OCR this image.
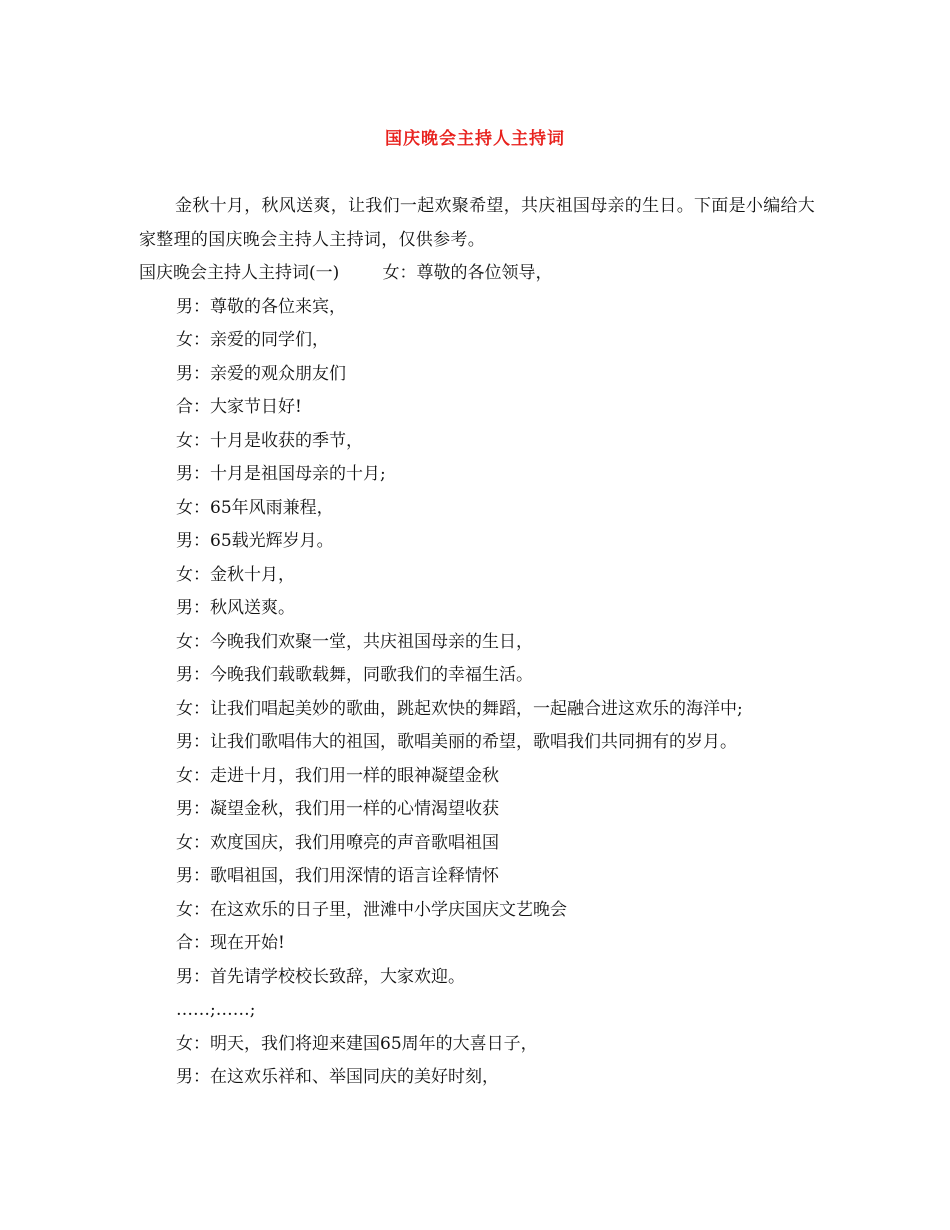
国庆晚会主持人主持词

金秋十月，秋风送爽，让我们一起欢聚希望，共庆祖国母亲的生日。下面是小编给大家整理的国庆晚会主持人主持词，仅供参考。

国庆晚会主持人主持词(一)	女：尊敬的各位领导，

男：尊敬的各位来宾，

女：亲爱的同学们，

男：亲爱的观众朋友们

合：大家节日好!

女：十月是收获的季节，

男：十月是祖国母亲的十月;

女：65年风雨兼程，

男：65载光辉岁月。

女：金秋十月，

男：秋风送爽。

女：今晚我们欢聚一堂，共庆祖国母亲的生日，

男：今晚我们载歌载舞，同歌我们的幸福生活。

女：让我们唱起美妙的歌曲，跳起欢快的舞蹈，一起融合进这欢乐的海洋中;

男：让我们歌唱伟大的祖国，歌唱美丽的希望，歌唱我们共同拥有的岁月。

女：走进十月，我们用一样的眼神凝望金秋

男：凝望金秋，我们用一样的心情渴望收获

女：欢度国庆，我们用嘹亮的声音歌唱祖国

男：歌唱祖国，我们用深情的语言诠释情怀

女：在这欢乐的日子里，泄滩中小学庆国庆文艺晚会

合：现在开始!

男：首先请学校校长致辞，大家欢迎。

……;……;

女：明天，我们将迎来建国65周年的大喜日子，

男：在这欢乐祥和、举国同庆的美好时刻，
